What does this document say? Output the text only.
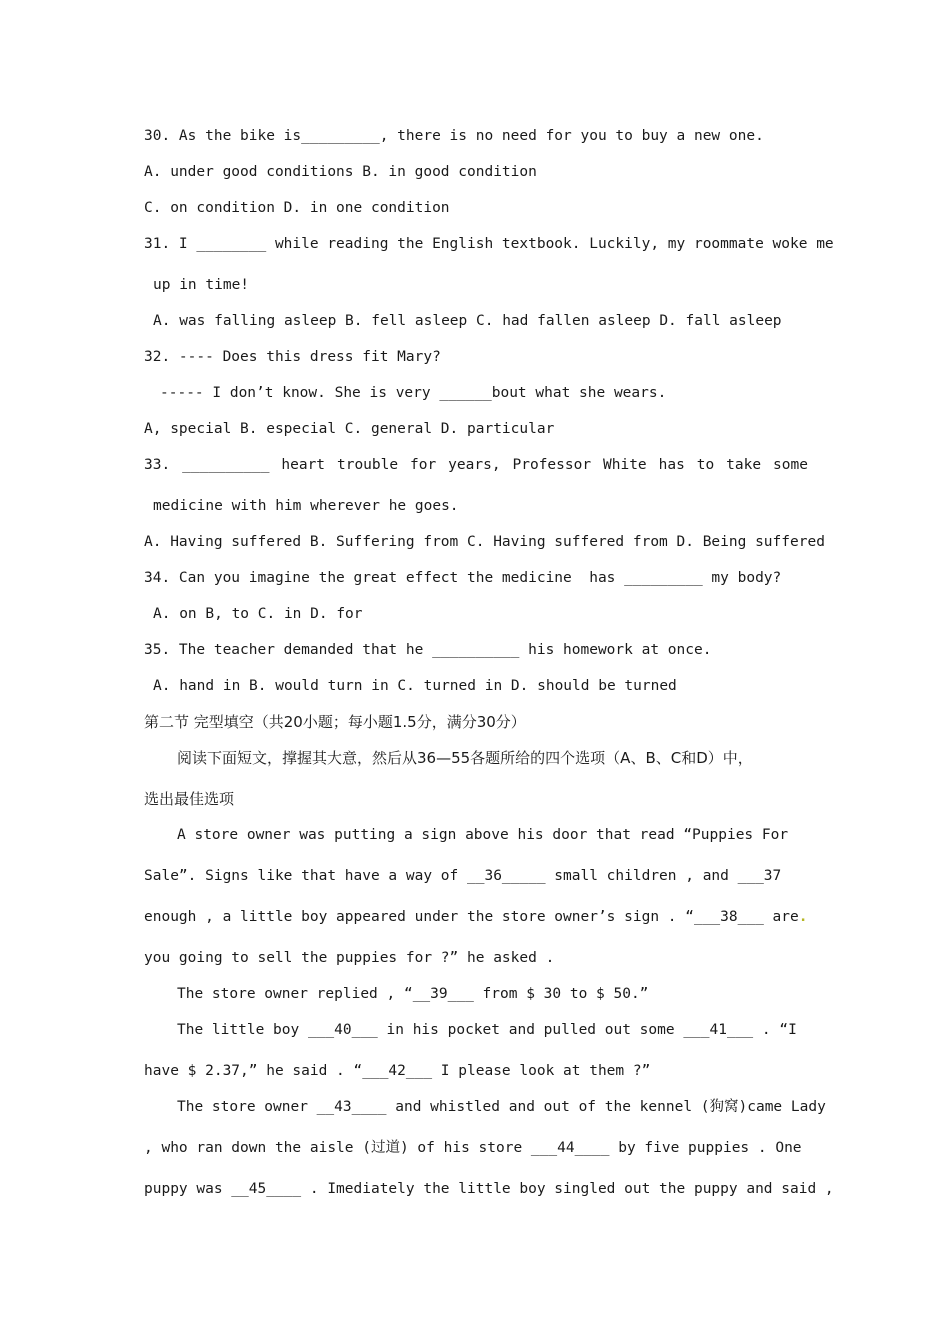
30. As the bike is_________, there is no need for you to buy a new one.
A. under good conditions B. in good condition
C. on condition D. in one condition
31. I ________ while reading the English textbook. Luckily, my roommate woke me
up in time!
A. was falling asleep B. fell asleep C. had fallen asleep D. fall asleep
32. ---- Does this dress fit Mary?
----- I don’t know. She is very ______bout what she wears.
A, special B. especial C. general D. particular
33. __________ heart trouble for years, Professor White has to take some
medicine with him wherever he goes.
A. Having suffered B. Suffering from C. Having suffered from D. Being suffered
34. Can you imagine the great effect the medicine  has _________ my body?
A. on B, to C. in D. for
35. The teacher demanded that he __________ his homework at once.
A. hand in B. would turn in C. turned in D. should be turned
第二节 完型填空（共20小题；每小题1.5分，满分30分）
阅读下面短文，撑握其大意，然后从36—55各题所给的四个选项（A、B、C和D）中，
选出最佳选项
A store owner was putting a sign above his door that read “Puppies For
Sale”. Signs like that have a way of __36_____ small children , and ___37
enough , a little boy appeared under the store owner’s sign . “___38___ are.
you going to sell the puppies for ?” he asked .
The store owner replied , “__39___ from $ 30 to $ 50.”
The little boy ___40___ in his pocket and pulled out some ___41___ . “I
have $ 2.37,” he said . “___42___ I please look at them ?”
The store owner __43____ and whistled and out of the kennel (狗窝)came Lady
, who ran down the aisle (过道) of his store ___44____ by five puppies . One
puppy was __45____ . Imediately the little boy singled out the puppy and said ,
